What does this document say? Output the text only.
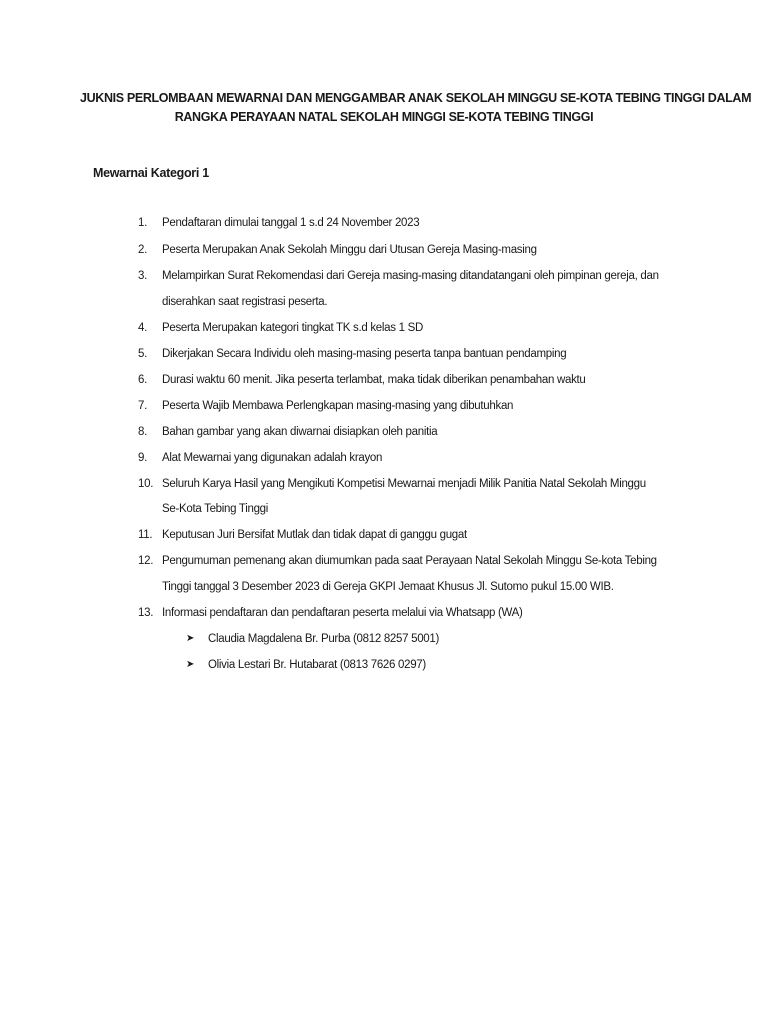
JUKNIS PERLOMBAAN MEWARNAI DAN MENGGAMBAR ANAK SEKOLAH MINGGU SE-KOTA TEBING TINGGI DALAM
RANGKA PERAYAAN NATAL SEKOLAH MINGGI SE-KOTA TEBING TINGGI
Mewarnai Kategori 1
1. Pendaftaran dimulai tanggal 1 s.d 24 November 2023
2. Peserta Merupakan Anak Sekolah Minggu dari Utusan Gereja Masing-masing
3. Melampirkan Surat Rekomendasi dari Gereja masing-masing ditandatangani oleh pimpinan gereja, dan
diserahkan saat registrasi peserta.
4. Peserta Merupakan kategori tingkat TK s.d kelas 1 SD
5. Dikerjakan Secara Individu oleh masing-masing peserta tanpa bantuan pendamping
6. Durasi waktu 60 menit. Jika peserta terlambat, maka tidak diberikan penambahan waktu
7. Peserta Wajib Membawa Perlengkapan masing-masing yang dibutuhkan
8. Bahan gambar yang akan diwarnai disiapkan oleh panitia
9. Alat Mewarnai yang digunakan adalah krayon
10. Seluruh Karya Hasil yang Mengikuti Kompetisi Mewarnai menjadi Milik Panitia Natal Sekolah Minggu
Se-Kota Tebing Tinggi
11. Keputusan Juri Bersifat Mutlak dan tidak dapat di ganggu gugat
12. Pengumuman pemenang akan diumumkan pada saat Perayaan Natal Sekolah Minggu Se-kota Tebing
Tinggi tanggal 3 Desember 2023 di Gereja GKPI Jemaat Khusus Jl. Sutomo pukul 15.00 WIB.
13. Informasi pendaftaran dan pendaftaran peserta melalui via Whatsapp (WA)
➤ Claudia Magdalena Br. Purba (0812 8257 5001)
➤ Olivia Lestari Br. Hutabarat (0813 7626 0297)
